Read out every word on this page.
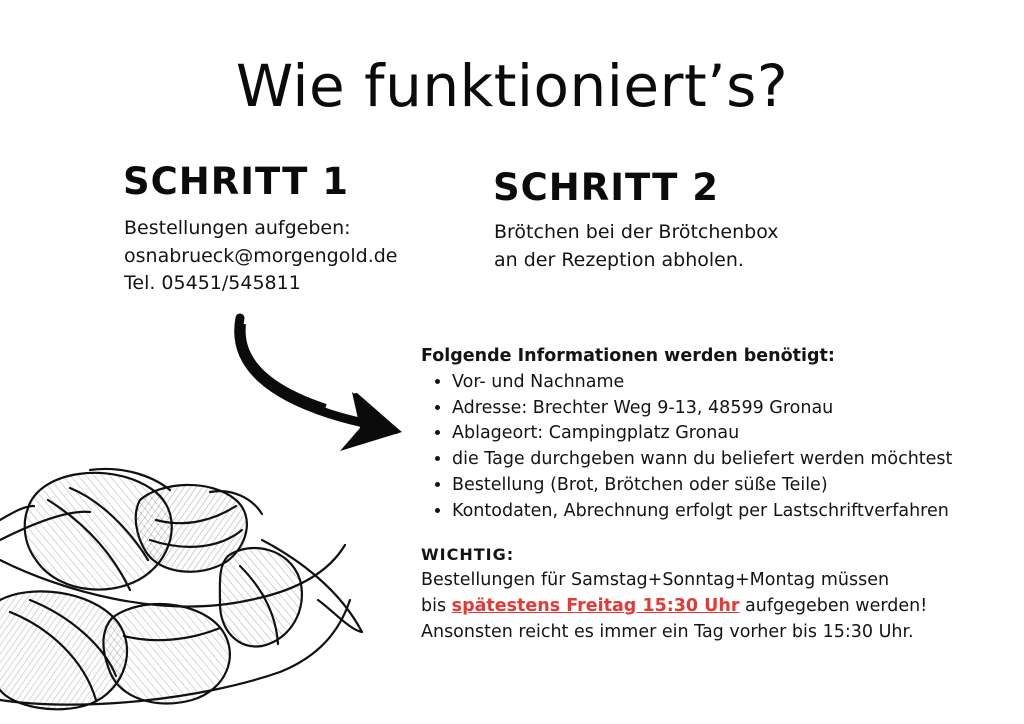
Wie funktioniert’s?
SCHRITT 1
Bestellungen aufgeben:
osnabrueck@morgengold.de
Tel. 05451/545811
SCHRITT 2
Brötchen bei der Brötchenbox
an der Rezeption abholen.
Folgende Informationen werden benötigt:
• Vor- und Nachname
• Adresse: Brechter Weg 9-13, 48599 Gronau
• Ablageort: Campingplatz Gronau
• die Tage durchgeben wann du beliefert werden möchtest
• Bestellung (Brot, Brötchen oder süße Teile)
• Kontodaten, Abrechnung erfolgt per Lastschriftverfahren
WICHTIG:

Bestellungen für Samstag+Sonntag+Montag müssen

bis spätestens Freitag 15:30 Uhr aufgegeben werden!

Ansonsten reicht es immer ein Tag vorher bis 15:30 Uhr.
